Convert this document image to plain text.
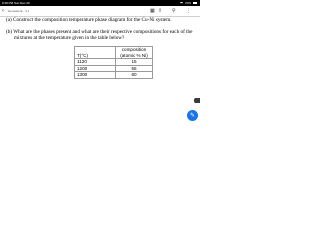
9:48 PM Sun Dec 20	70%
‹ Homework - 4.1	▦ ⇧ ⚲ ⋮

(a) Construct the composition temperature phase diagram for the Cu-Ni system.

(b) What are the phases present and what are their respective compositions for each of the
mixtures at the temperature given in the table below?

T(°C)	composition
(atomic % Ni)
1120	15
1200	55
1300	60
✎
